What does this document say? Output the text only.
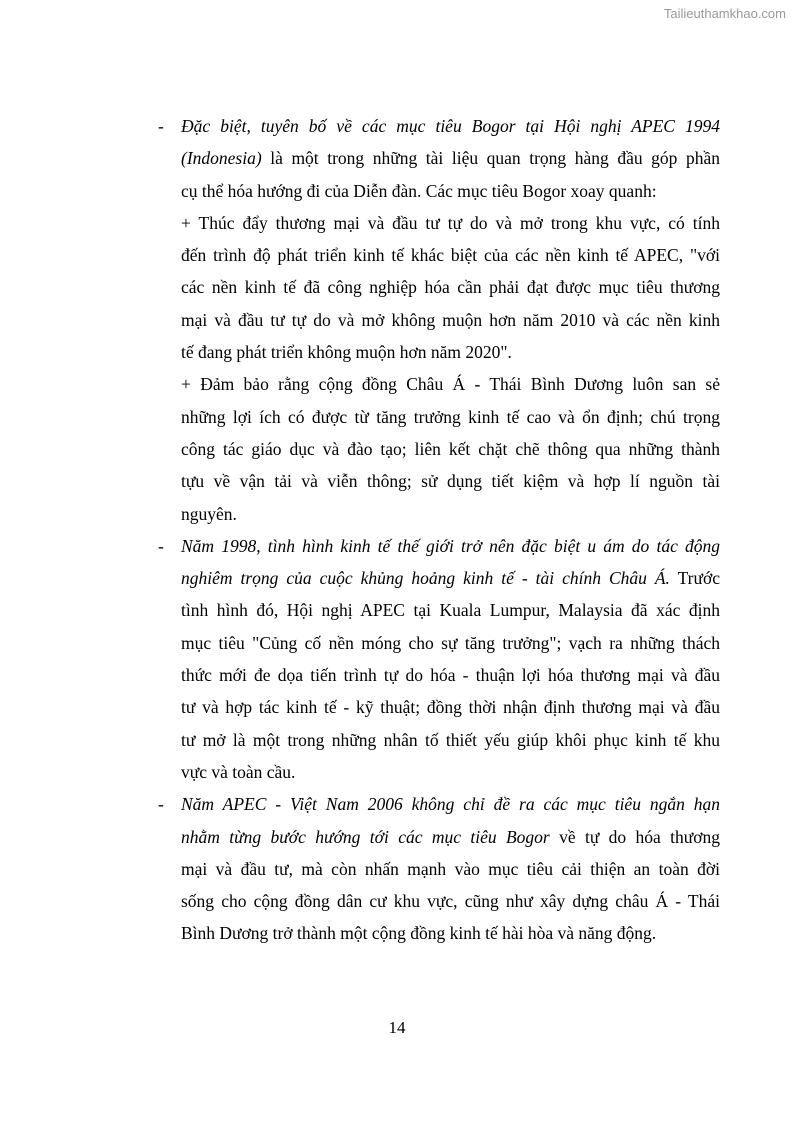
Tailieuthamkhao.com
- Đặc biệt, tuyên bố về các mục tiêu Bogor tại Hội nghị APEC 1994
(Indonesia) là một trong những tài liệu quan trọng hàng đầu góp phần
cụ thể hóa hướng đi của Diễn đàn. Các mục tiêu Bogor xoay quanh:
+ Thúc đẩy thương mại và đầu tư tự do và mở trong khu vực, có tính
đến trình độ phát triển kinh tế khác biệt của các nền kinh tế APEC, "với
các nền kinh tế đã công nghiệp hóa cần phải đạt được mục tiêu thương
mại và đầu tư tự do và mở không muộn hơn năm 2010 và các nền kinh
tế đang phát triển không muộn hơn năm 2020".
+ Đảm bảo rằng cộng đồng Châu Á - Thái Bình Dương luôn san sẻ
những lợi ích có được từ tăng trưởng kinh tế cao và ổn định; chú trọng
công tác giáo dục và đào tạo; liên kết chặt chẽ thông qua những thành
tựu về vận tải và viễn thông; sử dụng tiết kiệm và hợp lí nguồn tài
nguyên.
- Năm 1998, tình hình kinh tế thế giới trở nên đặc biệt u ám do tác động
nghiêm trọng của cuộc khủng hoảng kinh tế - tài chính Châu Á. Trước
tình hình đó, Hội nghị APEC tại Kuala Lumpur, Malaysia đã xác định
mục tiêu "Củng cố nền móng cho sự tăng trưởng"; vạch ra những thách
thức mới đe dọa tiến trình tự do hóa - thuận lợi hóa thương mại và đầu
tư và hợp tác kinh tế - kỹ thuật; đồng thời nhận định thương mại và đầu
tư mở là một trong những nhân tố thiết yếu giúp khôi phục kinh tế khu
vực và toàn cầu.
- Năm APEC - Việt Nam 2006 không chỉ đề ra các mục tiêu ngắn hạn
nhằm từng bước hướng tới các mục tiêu Bogor về tự do hóa thương
mại và đầu tư, mà còn nhấn mạnh vào mục tiêu cải thiện an toàn đời
sống cho cộng đồng dân cư khu vực, cũng như xây dựng châu Á - Thái
Bình Dương trở thành một cộng đồng kinh tế hài hòa và năng động.
14
